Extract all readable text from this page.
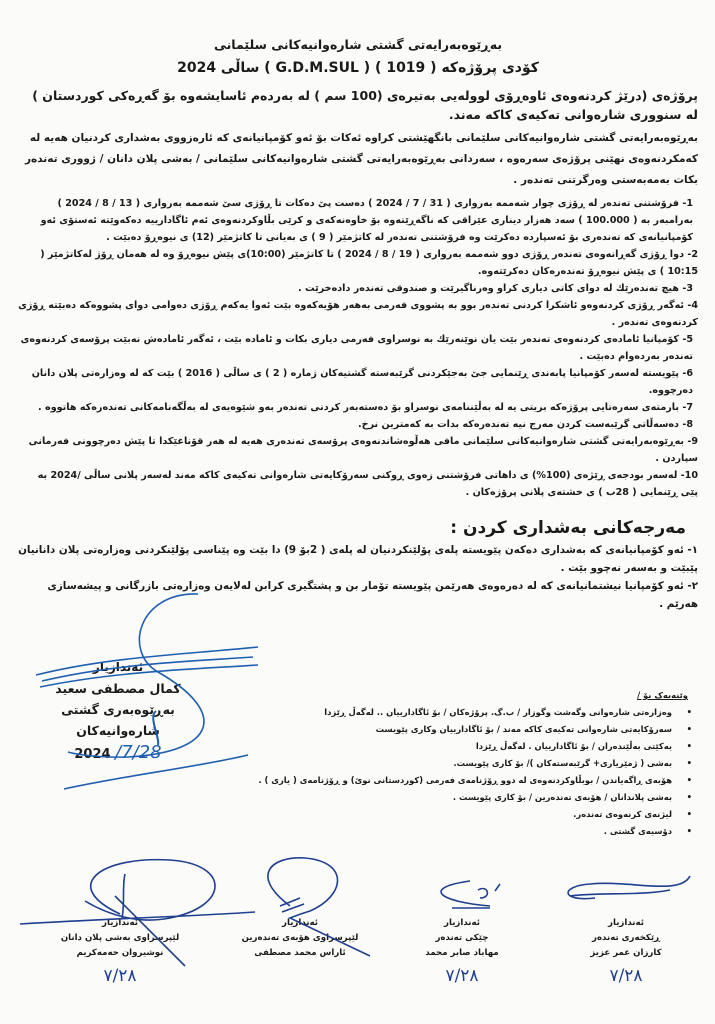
بەڕێوەبەرایەتی گشتی شارەوانیەکانی سلێمانی
کۆدی پرۆژەکە ( 1019 ) ( G.D.M.SUL ) ساڵی 2024
پرۆژەی (درێژ کردنەوەی ئاوەڕۆی لوولەیی بەتیرەی (100 سم ) لە بەردەم ئاسایشەوە بۆ گەڕەکی کوردستان ) لە سنووری شارەوانی تەکیەی کاکە مەند.
بەڕێوەبەرایەتی گشتی شارەوانیەکانی سلێمانی بانگهێشتی کراوە ئەکات بۆ ئەو کۆمپانیانەی کە ئارەزووی بەشداری کردنیان هەیە لە کەمکردنەوەی نهێنی پرۆژەی سەرەوە ، سەردانی بەڕێوەبەرایەتی گشتی شارەوانیەکانی سلێمانی / بەشی پلان دانان / ژووری تەندەر بکات بەمەبەستی وەرگرتنی تەندەر .
1- فرۆشتنی تەندەر لە ڕۆژی چوار شەممە بەرواری ( 31 / 7 / 2024 ) دەست پێ دەکات تا ڕۆژی سێ شەممە بەرواری ( 13 / 8 / 2024 ) بەرامبەر بە ( 100.000 ) سەد هەزار دیناری عێراقی کە ناگەڕێتەوە بۆ خاوەنەکەی و کرێی بڵاوکردنەوەی ئەم ئاگادارییە دەکەوێتە ئەستۆی ئەو کۆمپانیانەی کە تەندەری بۆ ئەسپاردە دەکرێت وە فرۆشتنی تەندەر لە کاتژمێر ( 9 ) ی بەیانی تا کاتژمێر (12) ی نیوەڕۆ دەبێت .
2- دوا ڕۆژی گەڕانەوەی تەندەر ڕۆژی دوو شەممە بەرواری ( 19 / 8 / 2024 ) تا کاتژمێر (10:00)ی پێش نیوەڕۆ وە لە هەمان ڕۆژ لەکاتژمێر ( 10:15 ) ی پێش نیوەڕۆ تەندەرەکان دەکرێتەوە.
3- هیچ تەندەرێك لە دوای کاتی دیاری کراو وەرناگیرێت و صندوقی تەندەر دادەخرێت .
4- ئەگەر ڕۆژی کردنەوەو ئاشکرا کردنی تەندەر بوو بە پشووی فەرمی بەهەر هۆیەکەوە بێت ئەوا یەکەم ڕۆژی دەوامی دوای پشووەکە دەبێتە ڕۆژی کردنەوەی تەندەر .
5- کۆمپانیا ئامادەی کردنەوەی تەندەر بێت یان نوێنەرێك بە نوسراوی فەرمی دیاری بکات و ئامادە بێت ، ئەگەر ئامادەش نەبێت پرۆسەی کردنەوەی تەندەر بەردەوام دەبێت .
6- پێویستە لەسەر کۆمپانیا پابەندی ڕێنمایی جێ بەجێکردنی گرێبەستە گشتیەکان ژمارە ( 2 ) ی ساڵی ( 2016 ) بێت کە لە وەزارەتی پلان دانان دەرچووە.
7- بارمتەی سەرەتایی پرۆژەکە بریتی یە لە بەڵێننامەی نوسراو بۆ دەستەبەر کردنی تەندەر بەو شێوەیەی لە بەڵگەنامەکانی تەندەرەکە هاتووە .
8- دەسەڵاتی گرێبەست کردن مەرج نیە تەندەرەکە بدات بە کەمترین نرخ.
9- بەڕێوەبەرایەتی گشتی شارەوانیەکانی سلێمانی مافی هەڵوەشاندنەوەی پرۆسەی تەندەری هەیە لە هەر قۆناغێکدا تا پێش دەرچوونی فەرمانی سپاردن .
10- لەسەر بودجەی ڕێژەی (100%) ی داهاتی فرۆشتنی زەوی ڕوکنی سەرۆکایەتی شارەوانی تەکیەی کاکە مەند لەسەر پلانی ساڵی /2024 بە پێی ڕێنمایی ( 28ب ) ی خشتەی پلانی پرۆژەکان .
مەرجەکانی بەشداری کردن :
١- ئەو کۆمپانیانەی کە بەشداری دەکەن پێویستە پلەی پۆلێنکردنیان لە پلەی ( 2بۆ 9) دا بێت وە پێناسی پۆلێنکردنی وەزارەتی پلان دانانیان پێبێت و بەسەر نەچوو بێت .
٢- ئەو کۆمپانیا نیشتمانیانەی کە لە دەرەوەی هەرێمن پێویستە تۆمار بن و پشتگیری کرابن لەلایەن وەزارەتی بازرگانی و پیشەسازی هەرێم .
ئەندازیار
کمال مصطفی سعید
بەڕێوەبەری گشتی شارەوانیەکان
2024 /7/28
وێنەیەک بۆ /
• وەزارەتی شارەوانی وگەشت وگوزار / ب.گ. پرۆژەکان / بۆ ئاگادارییان .. لەگەڵ ڕێزدا
• سەرۆکایەتی شارەوانی تەکیەی کاکە مەند / بۆ ئاگادارییان وکاری پێویست
• یەکێتی بەڵێندەران / بۆ ئاگادارییان . لەگەڵ ڕێزدا
• بەشی ( ژمێریاری+ گرێبەستەکان )/ بۆ کاری پێویست.
• هۆبەی ڕاگەیاندن / بوبڵاوکردنەوەی لە دوو ڕۆژنامەی فەرمی (کوردستانی نوێ) و ڕۆژنامەی ( یاری ) .
• بەشی پلاندانان / هۆبەی تەندەرین / بۆ کاری پێویست .
• لیژنەی کرنەوەی تەندەر.
• دۆسیەی گشتی .
ئەندازیار
لێپرسراوی بەشی پلان دانان
نوشیروان حەمەکریم
٧/٢٨
ئەندازیار
لێپرسراوی هۆبەی تەندەرین
ئاراس محمد مصطفی
ئەندازیار
چێکی تەندەر
مهاباد صابر محمد
٧/٢٨
ئەندازیار
ڕێکخەری تەندەر
کارزان عمر عزیز
٧/٢٨
